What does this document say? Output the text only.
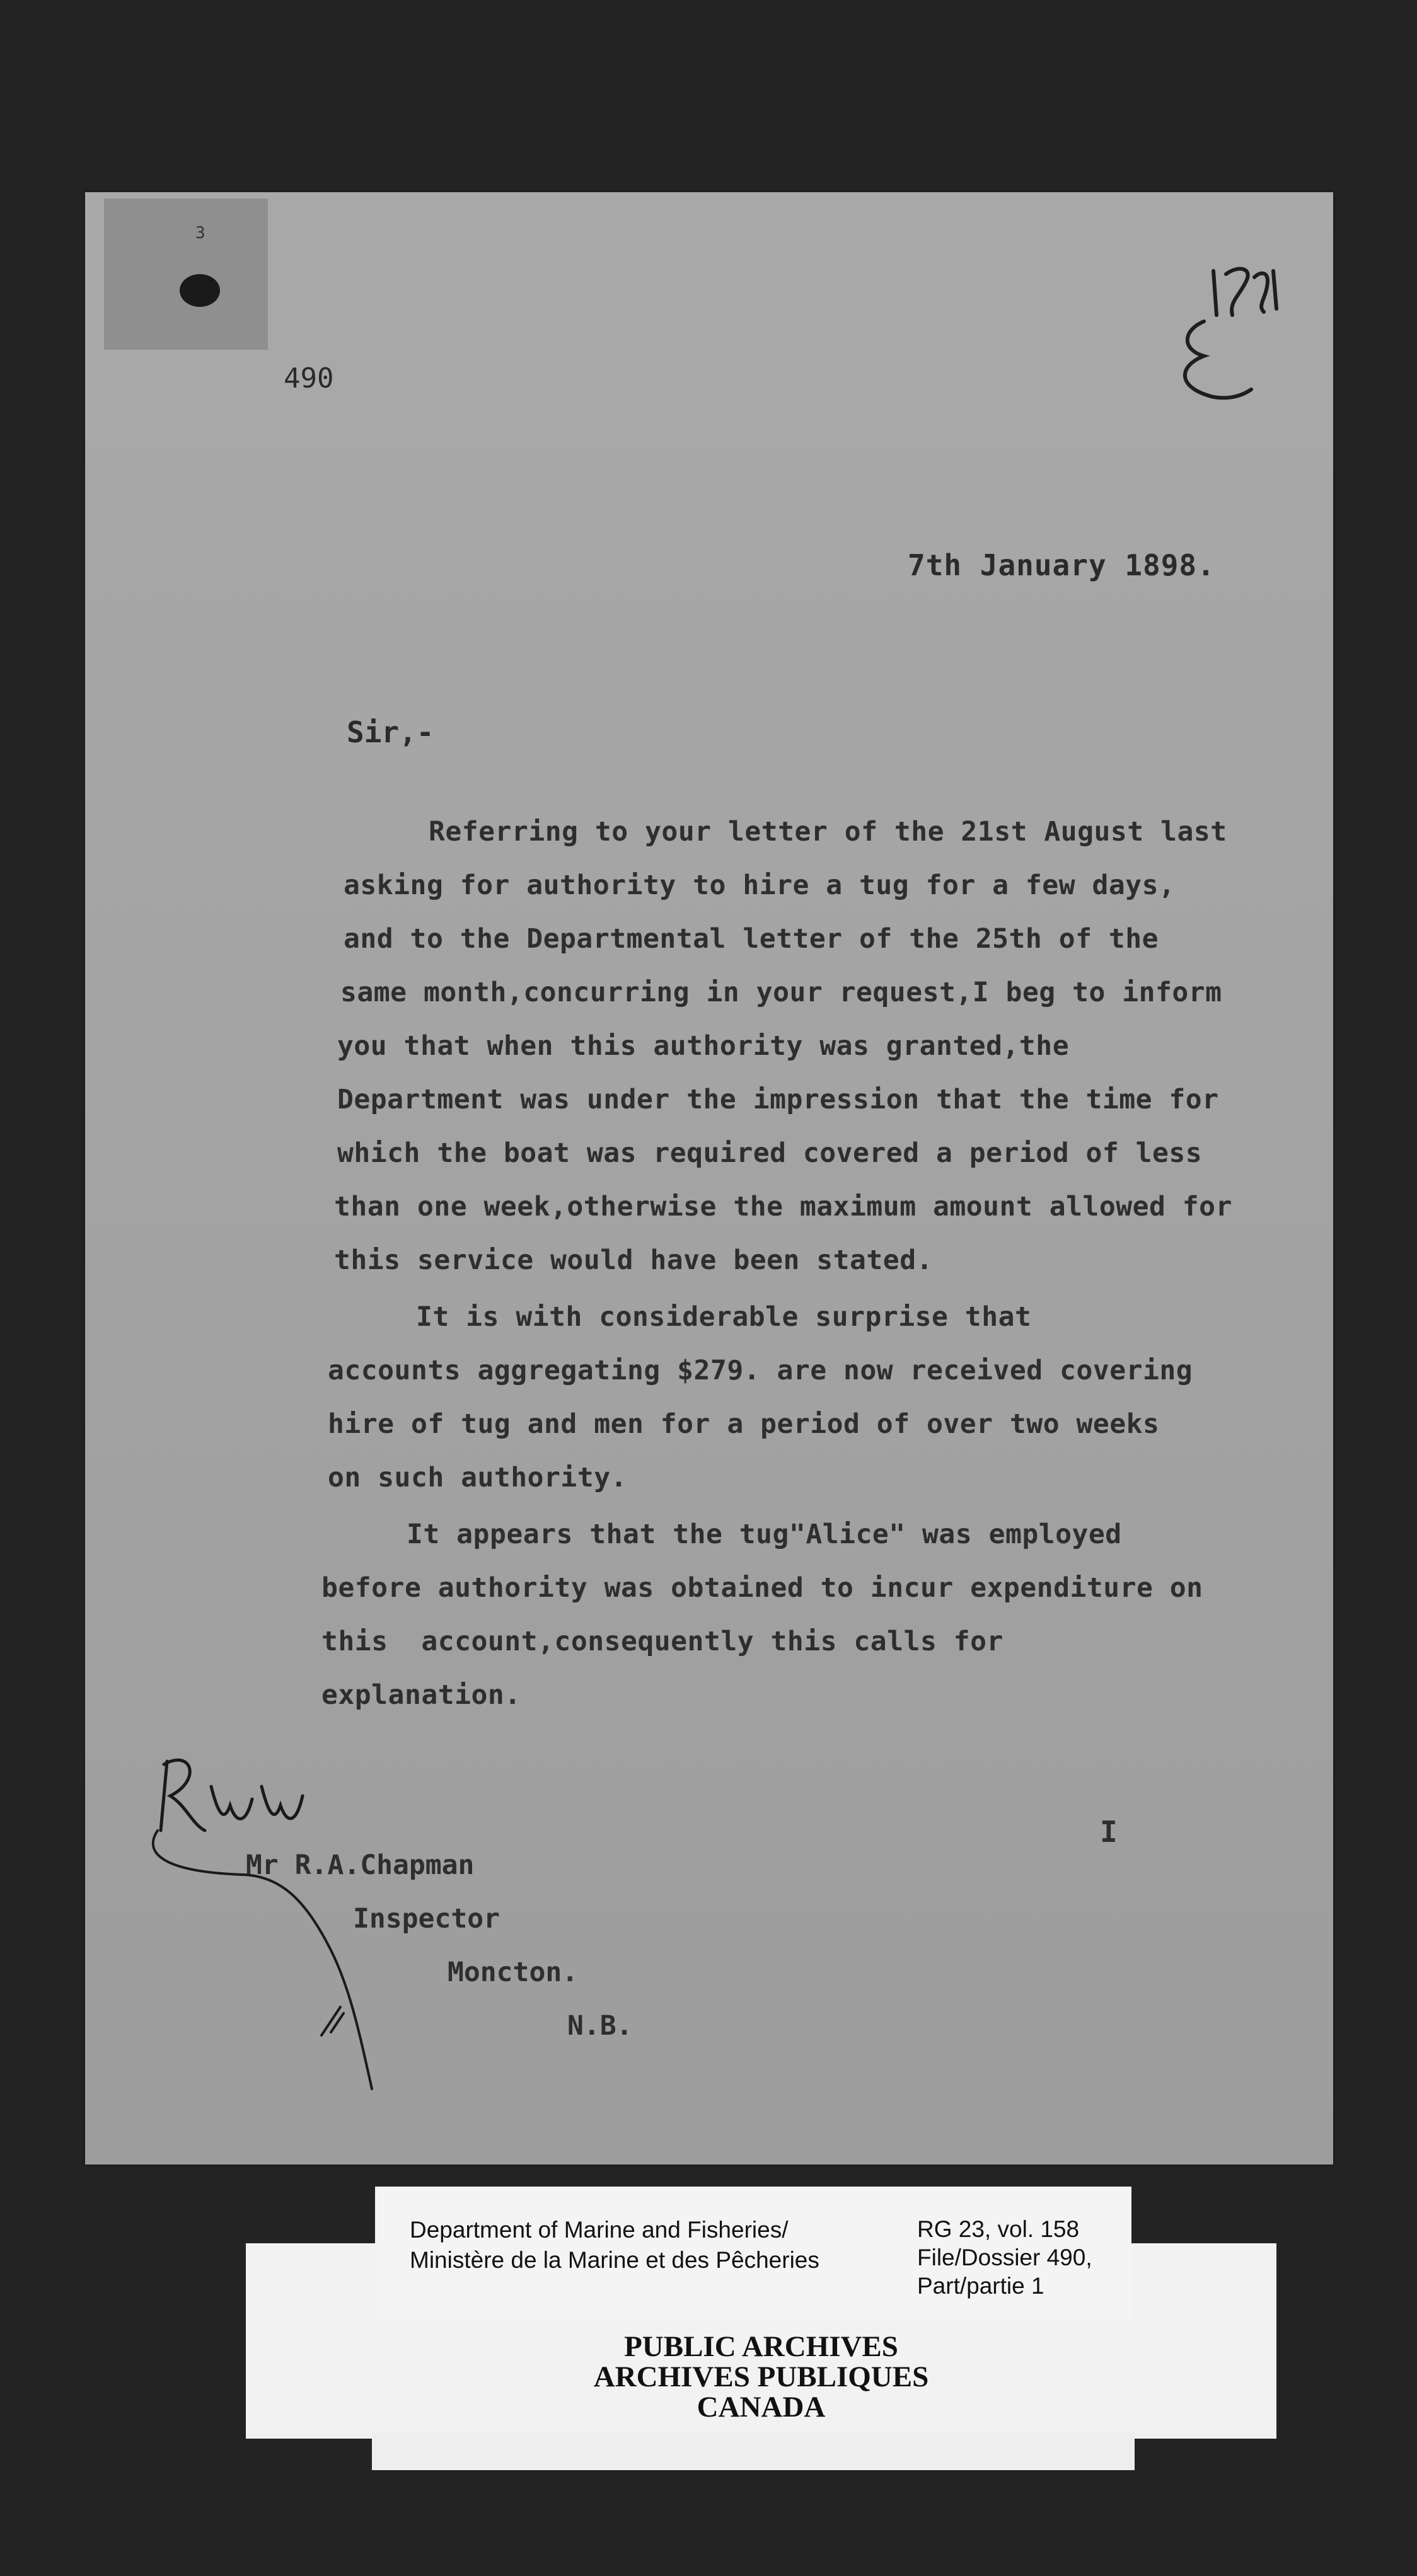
3
490
7th January 1898.
Sir,-
Referring to your letter of the 21st August last
asking for authority to hire a tug for a few days,
and to the Departmental letter of the 25th of the
same month,concurring in your request,I beg to inform
you that when this authority was granted,the
Department was under the impression that the time for
which the boat was required covered a period of less
than one week,otherwise the maximum amount allowed for
this service would have been stated.
It is with considerable surprise that
accounts aggregating $279. are now received covering
hire of tug and men for a period of over two weeks
on such authority.
It appears that the tug"Alice" was employed
before authority was obtained to incur expenditure on
this  account,consequently this calls for
explanation.
I
Mr R.A.Chapman
Inspector
Moncton.
N.B.
PUBLIC ARCHIVES
ARCHIVES PUBLIQUES
CANADA
Department of Marine and Fisheries/
Ministère de la Marine et des Pêcheries
RG 23, vol. 158
File/Dossier 490,
Part/partie 1
